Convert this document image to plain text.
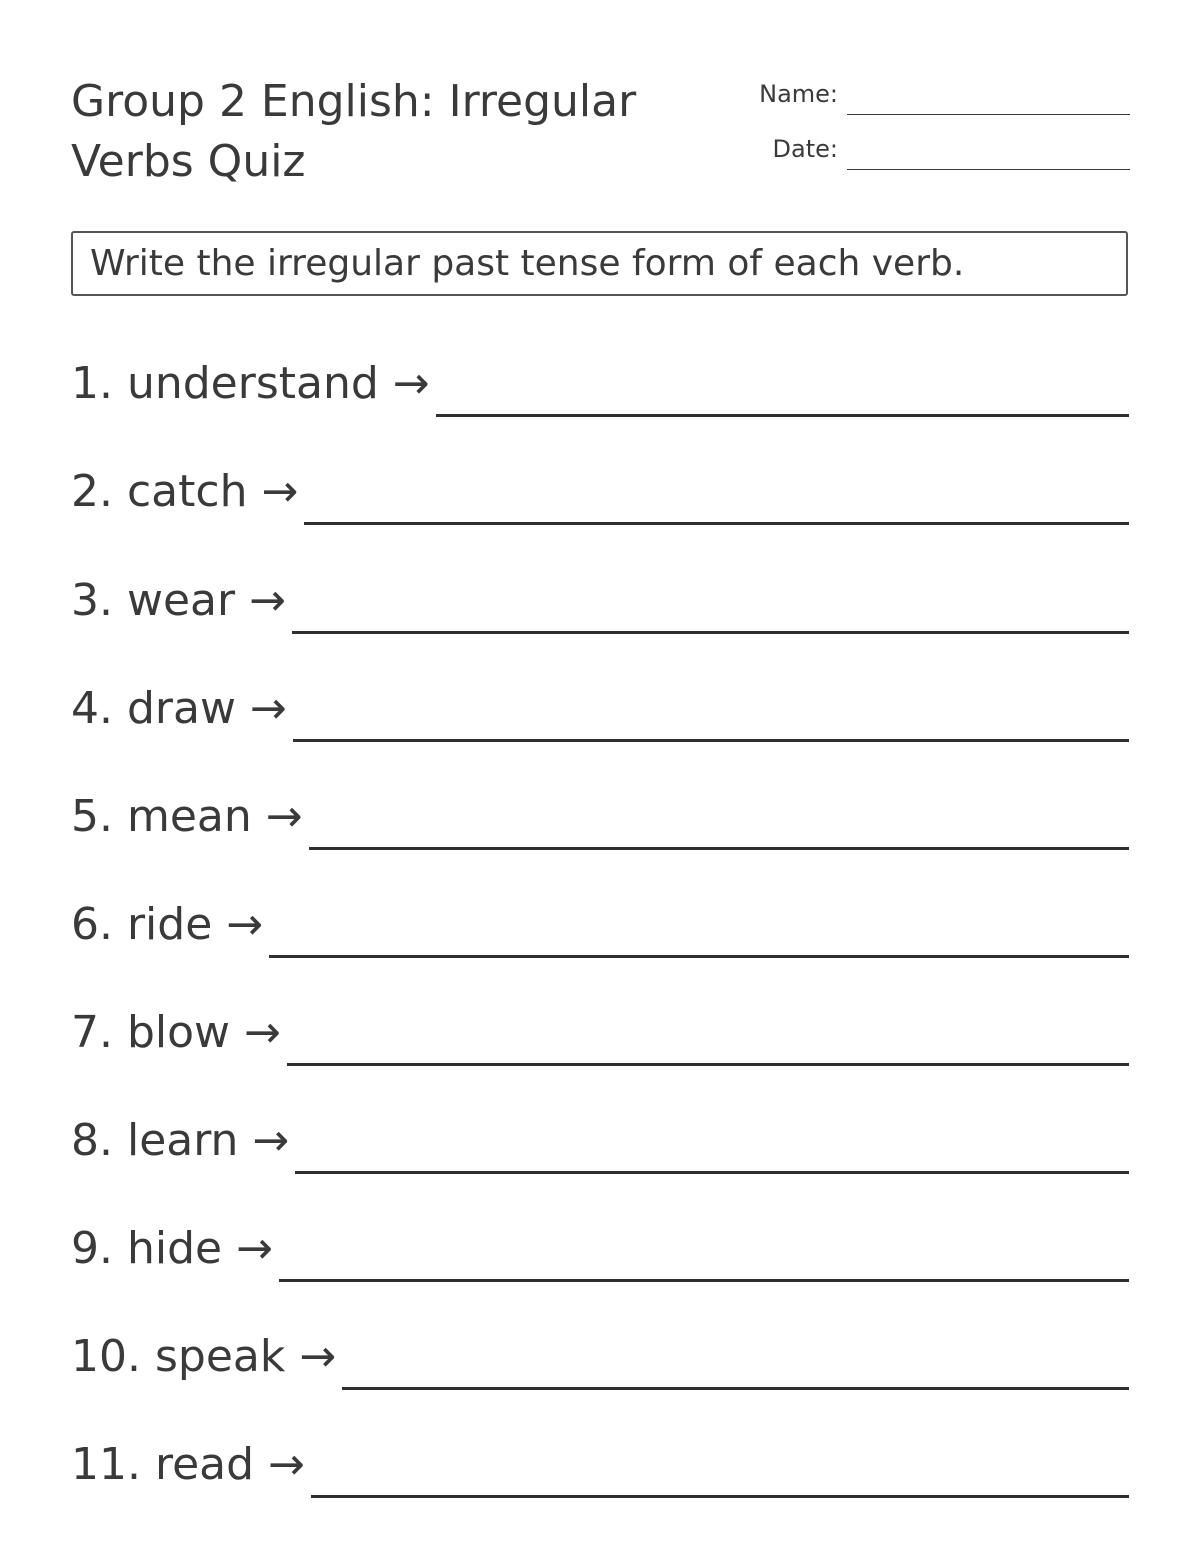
Group 2 English: Irregular Verbs Quiz
Name:
Date:
Write the irregular past tense form of each verb.
1. understand →
2. catch →
3. wear →
4. draw →
5. mean →
6. ride →
7. blow →
8. learn →
9. hide →
10. speak →
11. read →
